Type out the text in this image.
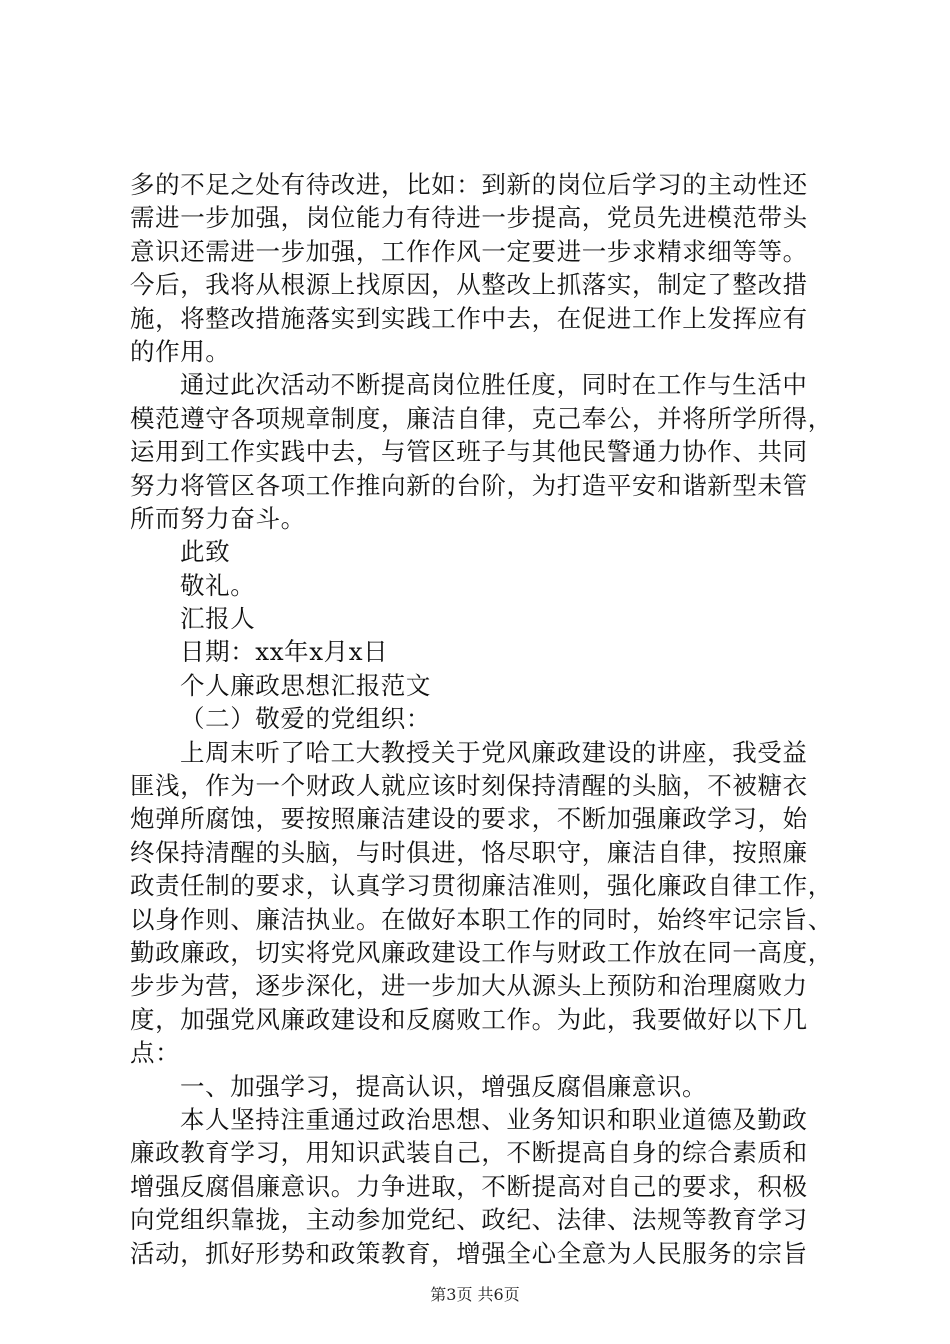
多的不足之处有待改进，比如：到新的岗位后学习的主动性还
需进一步加强，岗位能力有待进一步提高，党员先进模范带头
意识还需进一步加强，工作作风一定要进一步求精求细等等。
今后，我将从根源上找原因，从整改上抓落实，制定了整改措
施，将整改措施落实到实践工作中去，在促进工作上发挥应有
的作用。
通过此次活动不断提高岗位胜任度，同时在工作与生活中
模范遵守各项规章制度，廉洁自律，克己奉公，并将所学所得，
运用到工作实践中去，与管区班子与其他民警通力协作、共同
努力将管区各项工作推向新的台阶，为打造平安和谐新型未管
所而努力奋斗。
此致
敬礼。
汇报人
日期：xx年x月x日
个人廉政思想汇报范文
（二）敬爱的党组织：
上周末听了哈工大教授关于党风廉政建设的讲座，我受益
匪浅，作为一个财政人就应该时刻保持清醒的头脑，不被糖衣
炮弹所腐蚀，要按照廉洁建设的要求，不断加强廉政学习，始
终保持清醒的头脑，与时俱进，恪尽职守，廉洁自律，按照廉
政责任制的要求，认真学习贯彻廉洁准则，强化廉政自律工作，
以身作则、廉洁执业。在做好本职工作的同时，始终牢记宗旨、
勤政廉政，切实将党风廉政建设工作与财政工作放在同一高度，
步步为营，逐步深化，进一步加大从源头上预防和治理腐败力
度，加强党风廉政建设和反腐败工作。为此，我要做好以下几
点：
一、加强学习，提高认识，增强反腐倡廉意识。
本人坚持注重通过政治思想、业务知识和职业道德及勤政
廉政教育学习，用知识武装自己，不断提高自身的综合素质和
增强反腐倡廉意识。力争进取，不断提高对自己的要求，积极
向党组织靠拢，主动参加党纪、政纪、法律、法规等教育学习
活动，抓好形势和政策教育，增强全心全意为人民服务的宗旨
第3页 共6页
